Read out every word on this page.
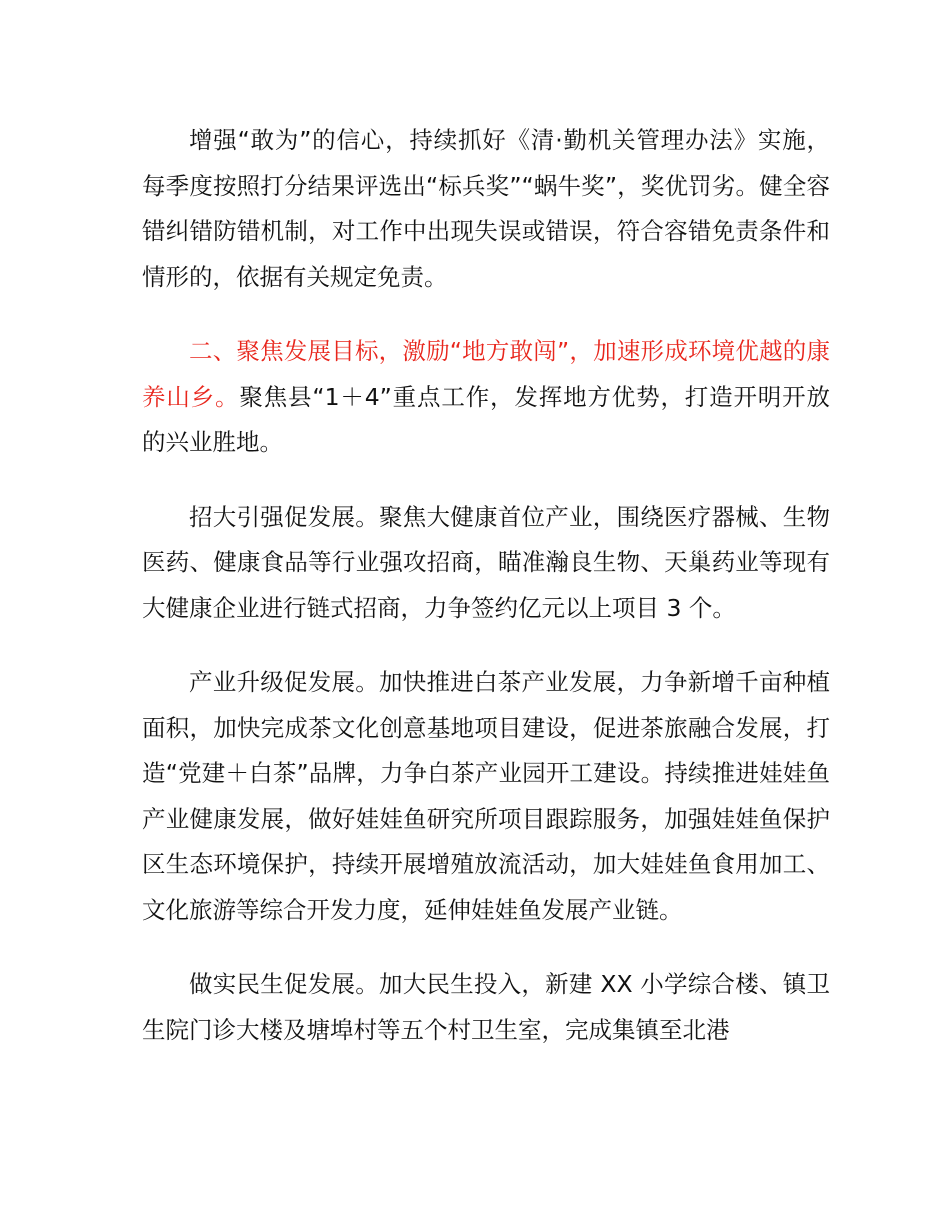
增强“敢为”的信心，持续抓好《清·勤机关管理办法》实施，每季度按照打分结果评选出“标兵奖”“蜗牛奖”，奖优罚劣。健全容错纠错防错机制，对工作中出现失误或错误，符合容错免责条件和情形的，依据有关规定免责。

二、聚焦发展目标，激励“地方敢闯”，加速形成环境优越的康养山乡。聚焦县“1＋4”重点工作，发挥地方优势，打造开明开放的兴业胜地。

招大引强促发展。聚焦大健康首位产业，围绕医疗器械、生物医药、健康食品等行业强攻招商，瞄准瀚良生物、天巢药业等现有大健康企业进行链式招商，力争签约亿元以上项目 3 个。

产业升级促发展。加快推进白茶产业发展，力争新增千亩种植面积，加快完成茶文化创意基地项目建设，促进茶旅融合发展，打造“党建＋白茶”品牌，力争白茶产业园开工建设。持续推进娃娃鱼产业健康发展，做好娃娃鱼研究所项目跟踪服务，加强娃娃鱼保护区生态环境保护，持续开展增殖放流活动，加大娃娃鱼食用加工、文化旅游等综合开发力度，延伸娃娃鱼发展产业链。

做实民生促发展。加大民生投入，新建 XX 小学综合楼、镇卫生院门诊大楼及塘埠村等五个村卫生室，完成集镇至北港
